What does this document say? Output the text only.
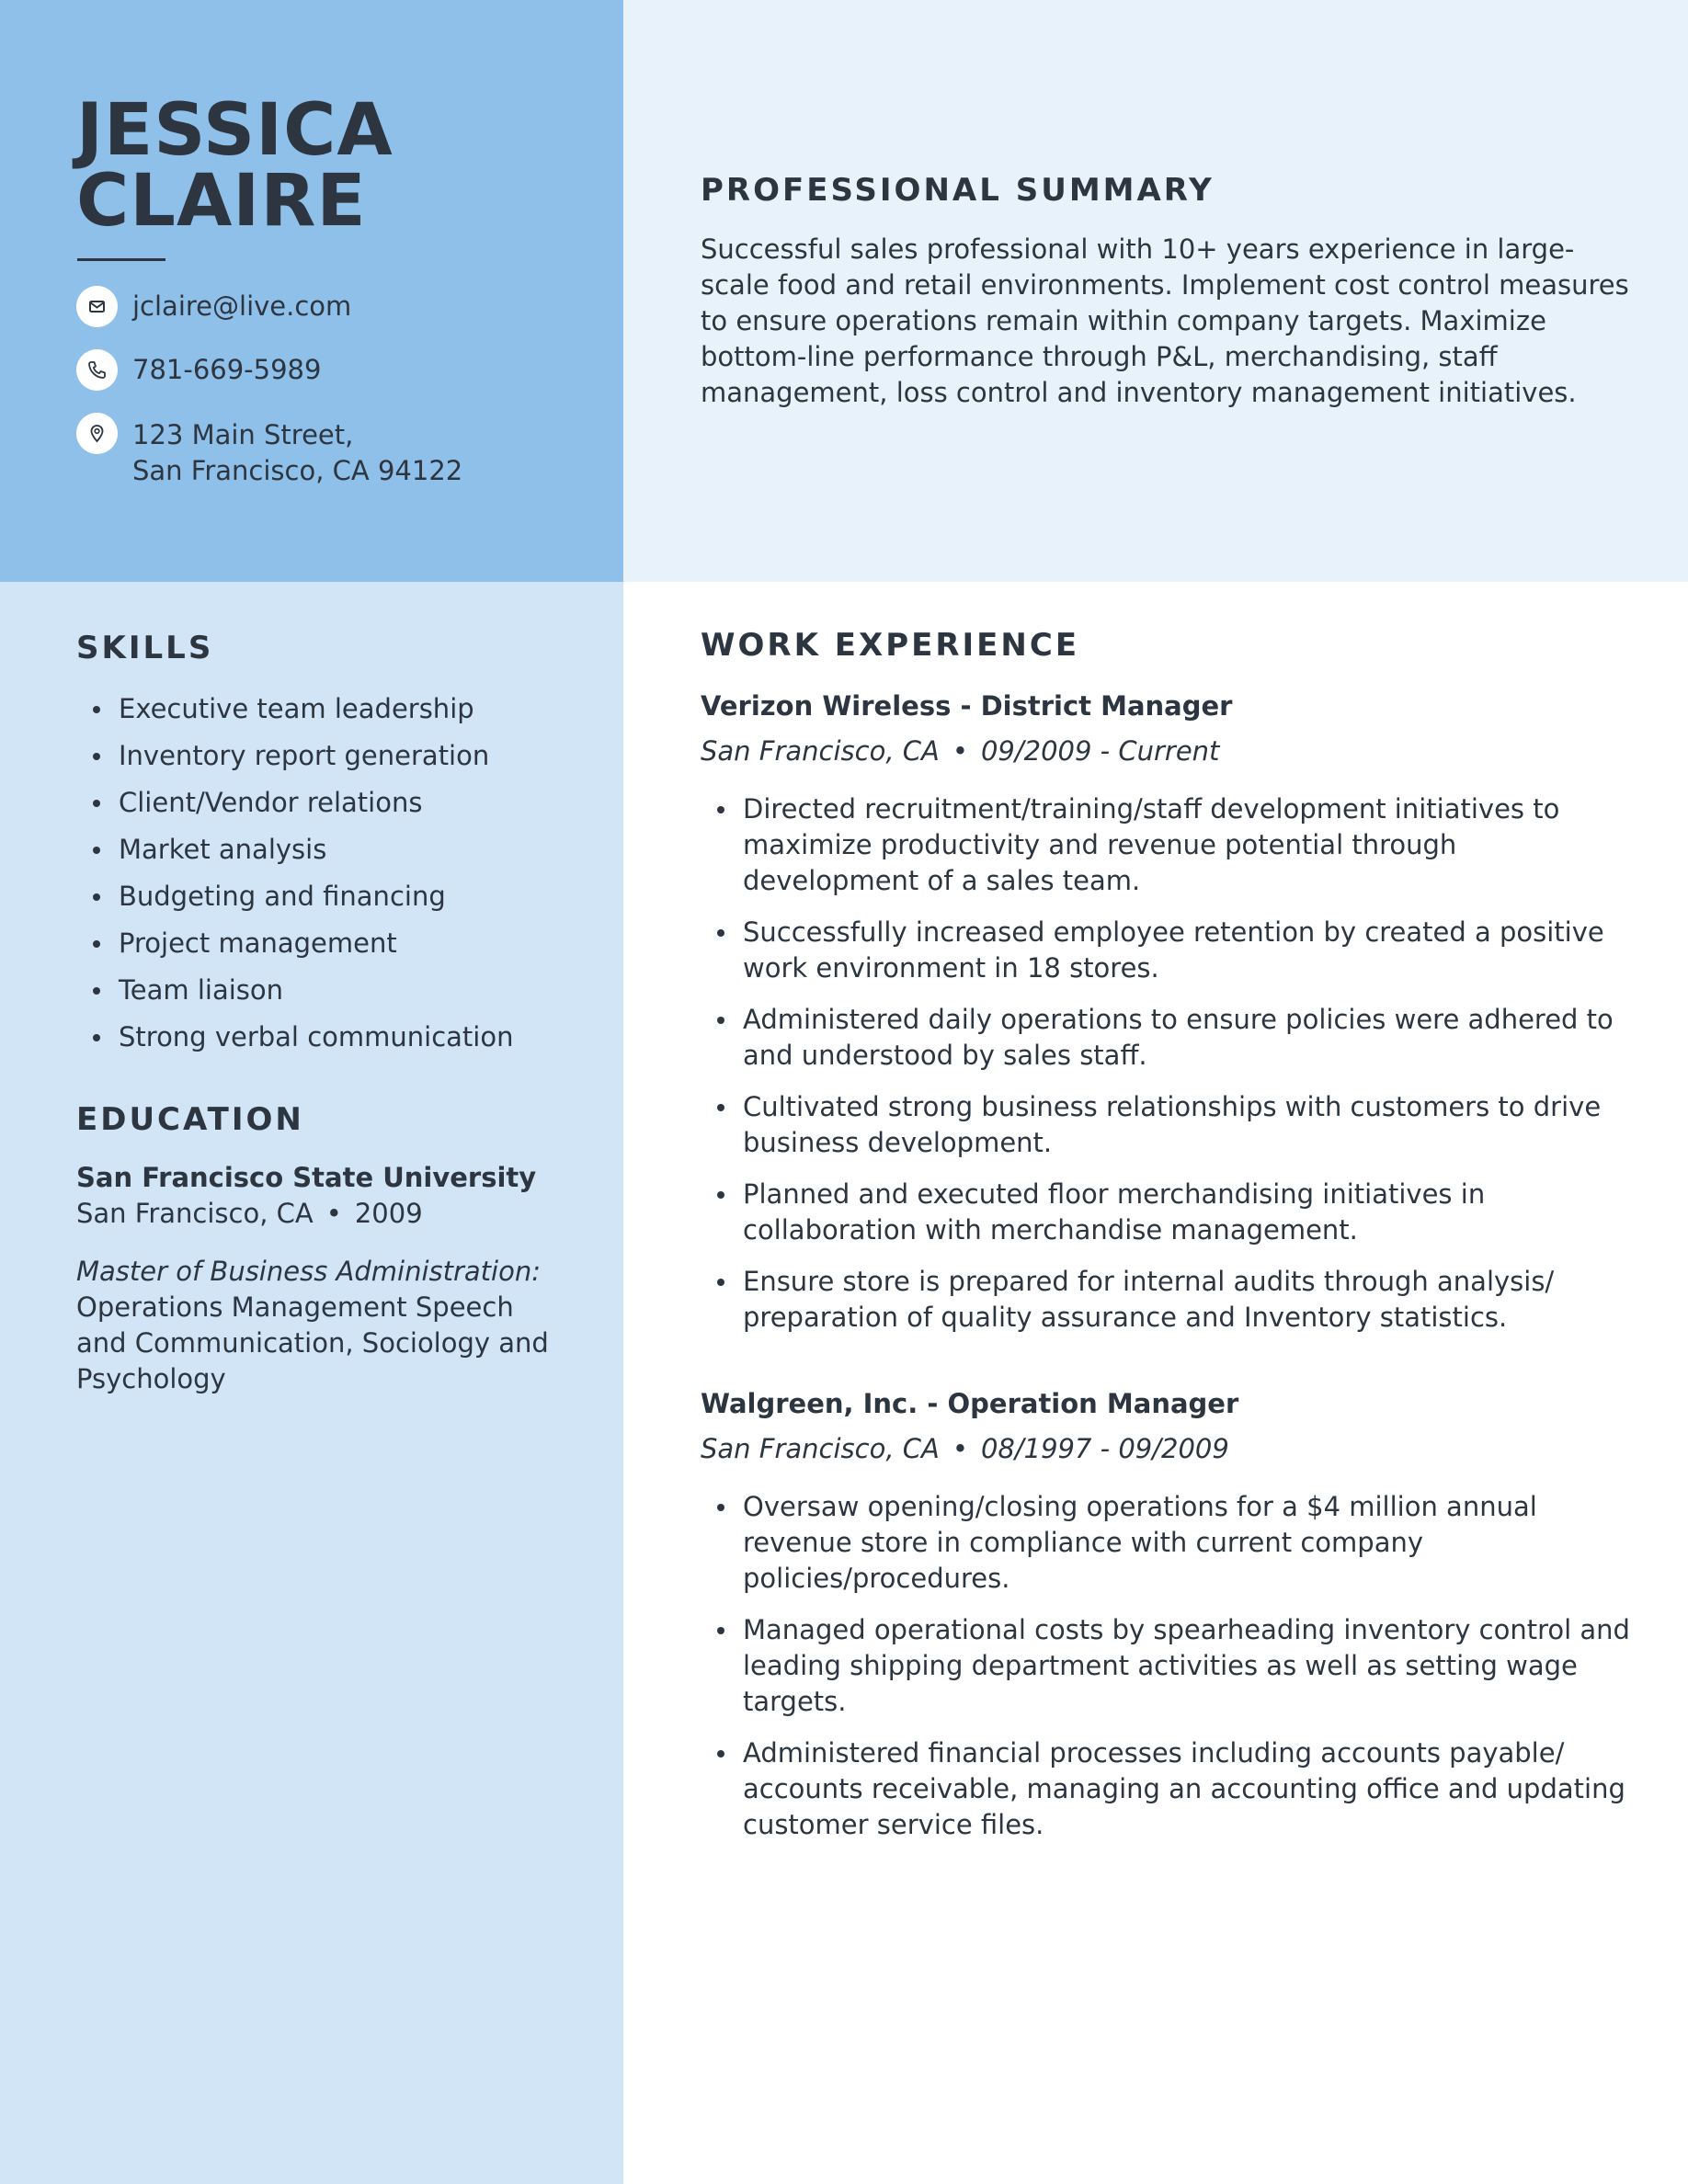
JESSICA
CLAIRE
jclaire@live.com
781-669-5989
123 Main Street,
San Francisco, CA 94122
PROFESSIONAL SUMMARY
Successful sales professional with 10+ years experience in large-scale food and retail environments. Implement cost control measures to ensure operations remain within company targets. Maximize bottom-line performance through P&L, merchandising, staff management, loss control and inventory management initiatives.
SKILLS
Executive team leadership
Inventory report generation
Client/Vendor relations
Market analysis
Budgeting and financing
Project management
Team liaison
Strong verbal communication
EDUCATION
San Francisco State University
San Francisco, CA • 2009
Master of Business Administration:
Operations Management Speech and Communication, Sociology and Psychology
WORK EXPERIENCE
Verizon Wireless - District Manager
San Francisco, CA • 09/2009 - Current
Directed recruitment/training/staff development initiatives to maximize productivity and revenue potential through development of a sales team.
Successfully increased employee retention by created a positive work environment in 18 stores.
Administered daily operations to ensure policies were adhered to and understood by sales staff.
Cultivated strong business relationships with customers to drive business development.
Planned and executed floor merchandising initiatives in collaboration with merchandise management.
Ensure store is prepared for internal audits through analysis/ preparation of quality assurance and Inventory statistics.
Walgreen, Inc. - Operation Manager
San Francisco, CA • 08/1997 - 09/2009
Oversaw opening/closing operations for a $4 million annual revenue store in compliance with current company policies/procedures.
Managed operational costs by spearheading inventory control and leading shipping department activities as well as setting wage targets.
Administered financial processes including accounts payable/ accounts receivable, managing an accounting office and updating customer service files.
